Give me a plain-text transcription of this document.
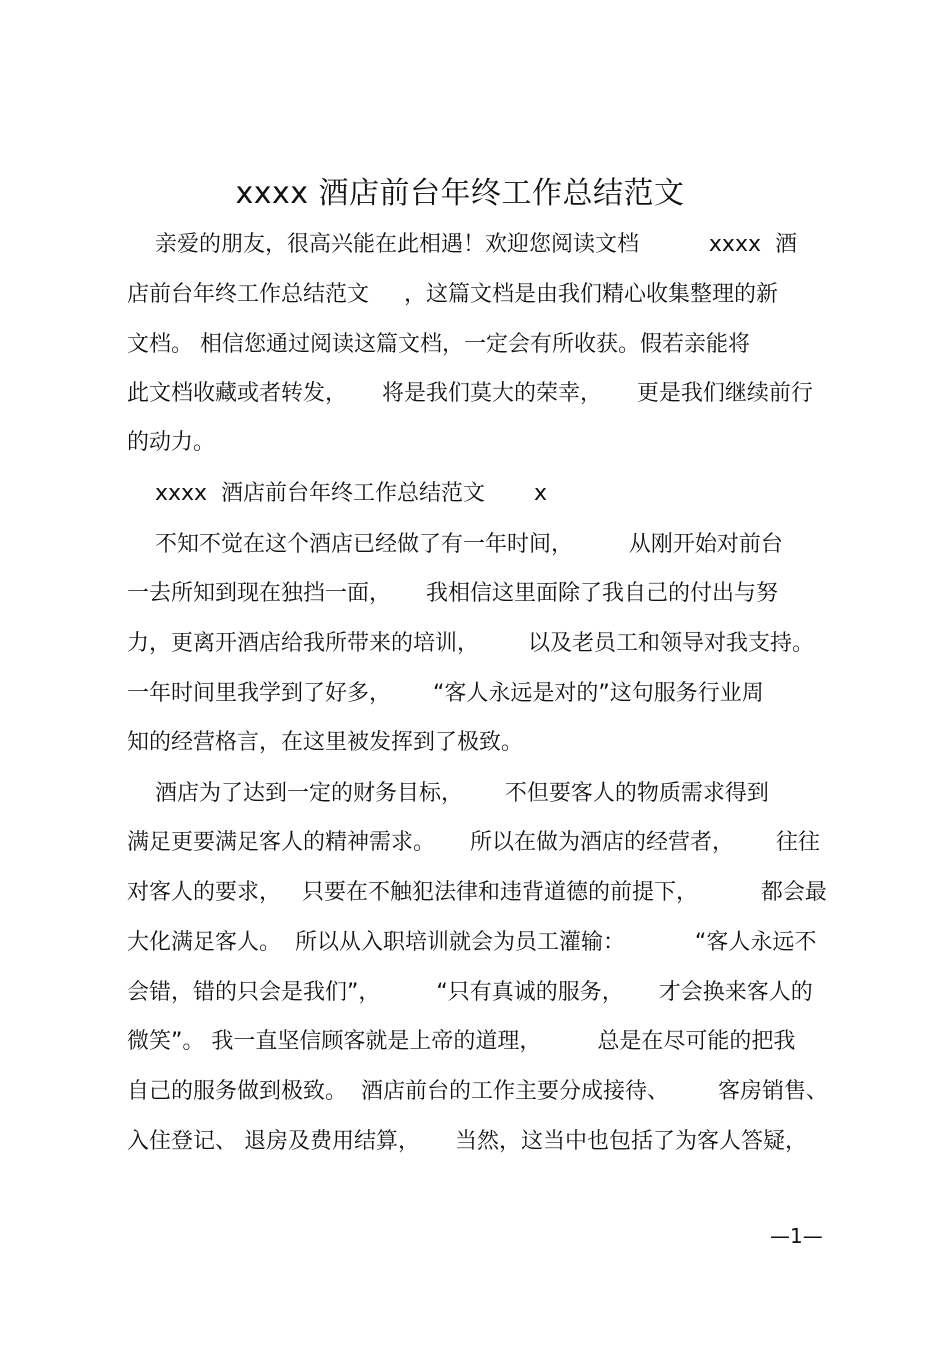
xxxx 酒店前台年终工作总结范文
亲爱的朋友，很高兴能在此相遇！欢迎您阅读文档          xxxx  酒
店前台年终工作总结范文     ，这篇文档是由我们精心收集整理的新
文档。 相信您通过阅读这篇文档，一定会有所收获。假若亲能将
此文档收藏或者转发，     将是我们莫大的荣幸，     更是我们继续前行
的动力。
xxxx  酒店前台年终工作总结范文       x
不知不觉在这个酒店已经做了有一年时间，        从刚开始对前台
一去所知到现在独挡一面，     我相信这里面除了我自己的付出与努
力，更离开酒店给我所带来的培训，       以及老员工和领导对我支持。
一年时间里我学到了好多，      “客人永远是对的”这句服务行业周
知的经营格言，在这里被发挥到了极致。
酒店为了达到一定的财务目标，      不但要客人的物质需求得到
满足更要满足客人的精神需求。     所以在做为酒店的经营者，      往往
对客人的要求，   只要在不触犯法律和违背道德的前提下，         都会最
大化满足客人。  所以从入职培训就会为员工灌输：          “客人永远不
会错，错的只会是我们”，        “只有真诚的服务，     才会换来客人的
微笑”。 我一直坚信顾客就是上帝的道理，        总是在尽可能的把我
自己的服务做到极致。  酒店前台的工作主要分成接待、       客房销售、
入住登记、 退房及费用结算，     当然，这当中也包括了为客人答疑，
—1—
